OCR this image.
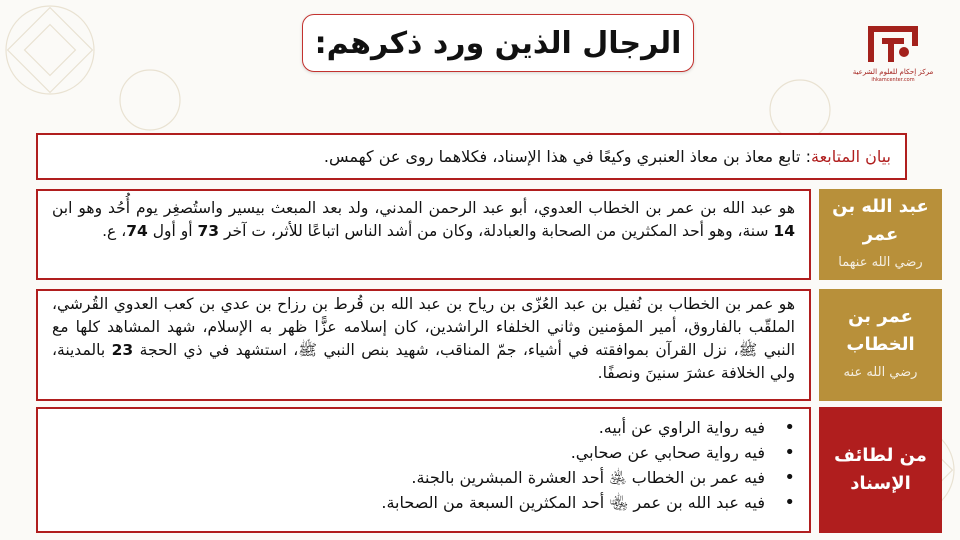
مركز إحكام للعلوم الشرعية
ihkamcenter.com
الرجال الذين ورد ذكرهم:
بيان المتابعة: تابع معاذ بن معاذ العنبري وكيعًا في هذا الإسناد، فكلاهما روى عن كهمس.
هو عبد الله بن عمر بن الخطاب العدوي، أبو عبد الرحمن المدني، ولد بعد المبعث بيسير واستُصغِر يوم أُحُد وهو ابن 14 سنة، وهو أحد المكثرين من الصحابة والعبادلة، وكان من أشد الناس اتباعًا للأثر، ت آخر 73 أو أول 74، ع.
عبد الله بن عمر
رضي الله عنهما
هو عمر بن الخطاب بن نُفيل بن عبد العُزّى بن رياح بن عبد الله بن قُرط بن رزاح بن عدي بن كعب العدوي القُرشي، الملقّب بالفاروق، أمير المؤمنين وثاني الخلفاء الراشدين، كان إسلامه عزًّا ظهر به الإسلام، شهد المشاهد كلها مع النبي ﷺ، نزل القرآن بموافقته في أشياء، جمّ المناقب، شهيد بنص النبي ﷺ، استشهد في ذي الحجة 23 بالمدينة، ولي الخلافة عشرَ سنينَ ونصفًا.
عمر بن
الخطاب
رضي الله عنه
• فيه رواية الراوي عن أبيه.
• فيه رواية صحابي عن صحابي.
• فيه عمر بن الخطاب ﵁ أحد العشرة المبشرين بالجنة.
• فيه عبد الله بن عمر ﵄ أحد المكثرين السبعة من الصحابة.
من لطائف
الإسناد
